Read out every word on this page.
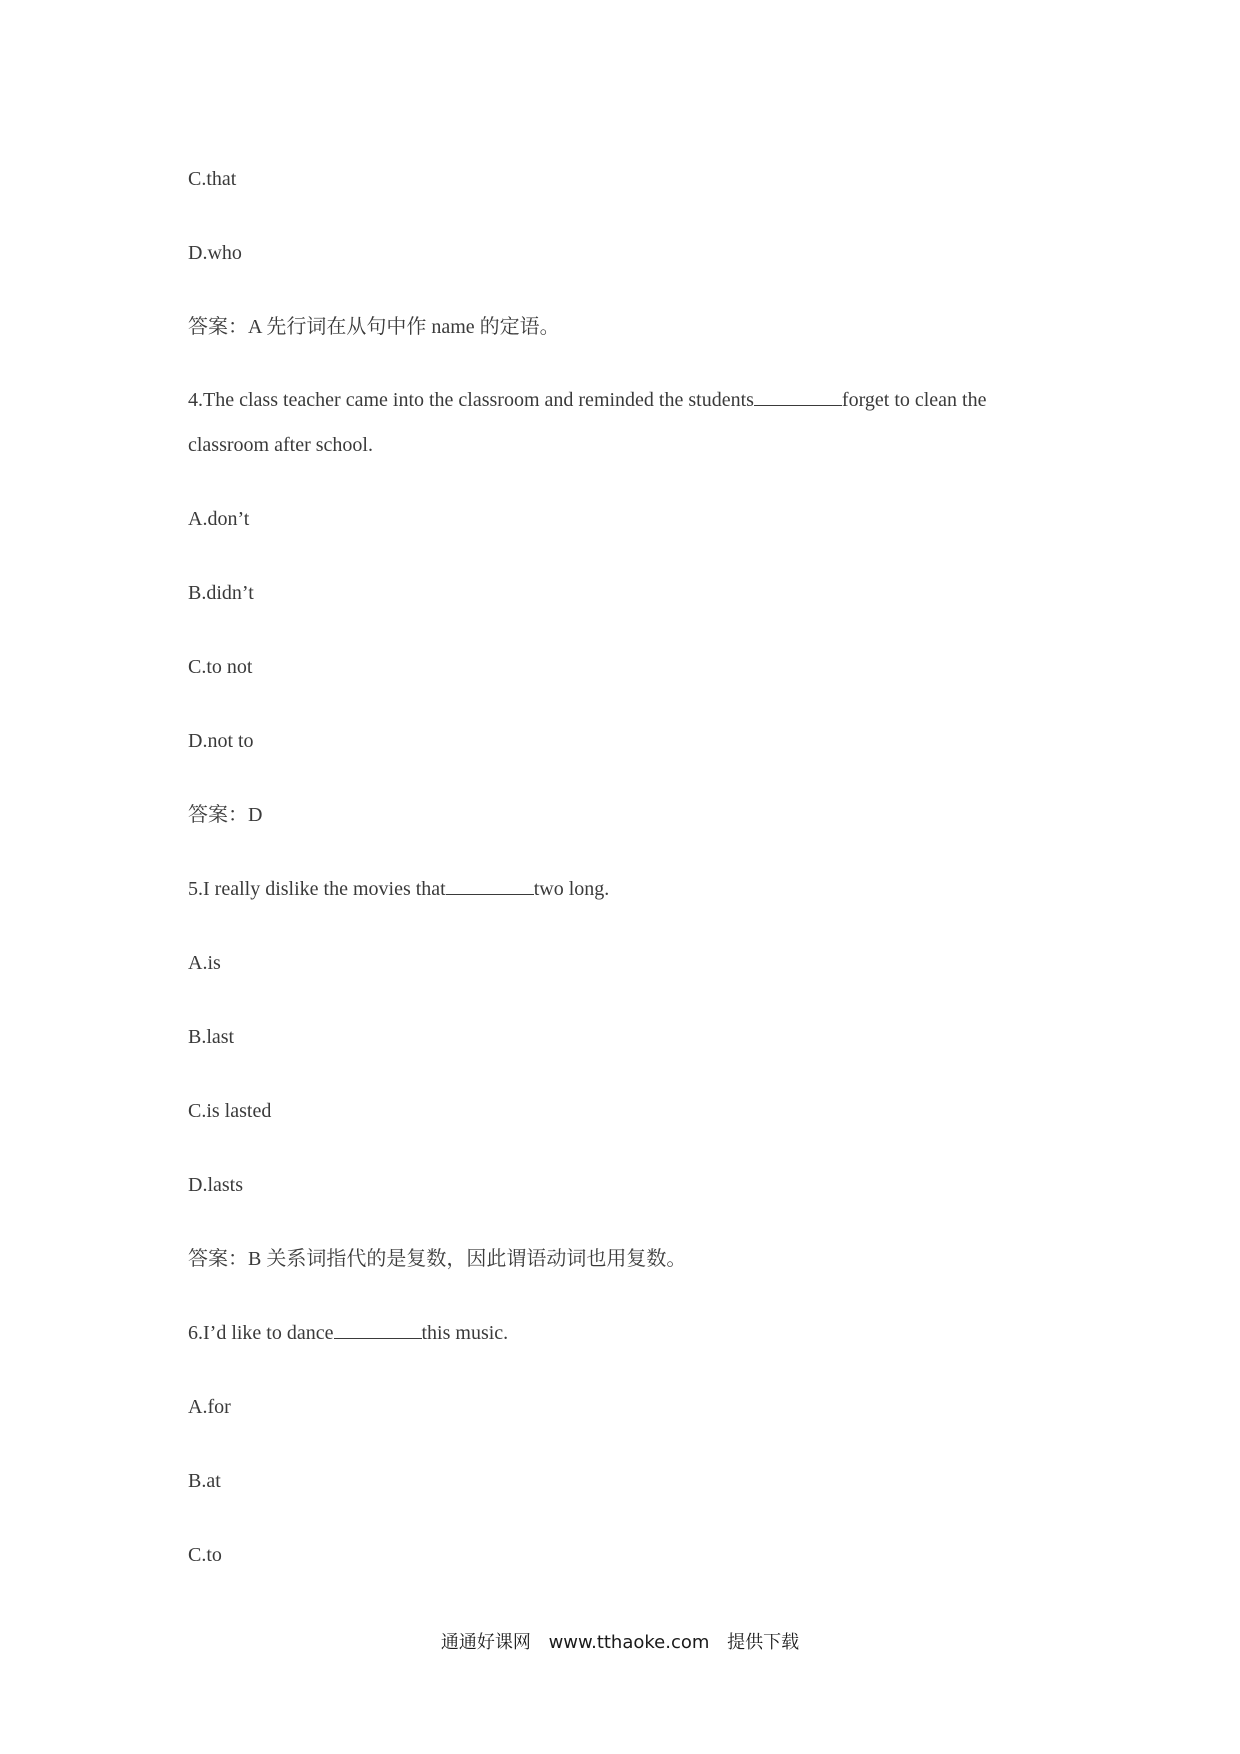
C.that
D.who
答案：A 先行词在从句中作 name 的定语。
4.The class teacher came into the classroom and reminded the students	forget to clean the classroom after school.
A.don’t
B.didn’t
C.to not
D.not to
答案：D
5.I really dislike the movies that	two long.
A.is
B.last
C.is lasted
D.lasts
答案：B 关系词指代的是复数，因此谓语动词也用复数。
6.I’d like to dance	this music.
A.for
B.at
C.to
通通好课网 www.tthaoke.com 提供下载
